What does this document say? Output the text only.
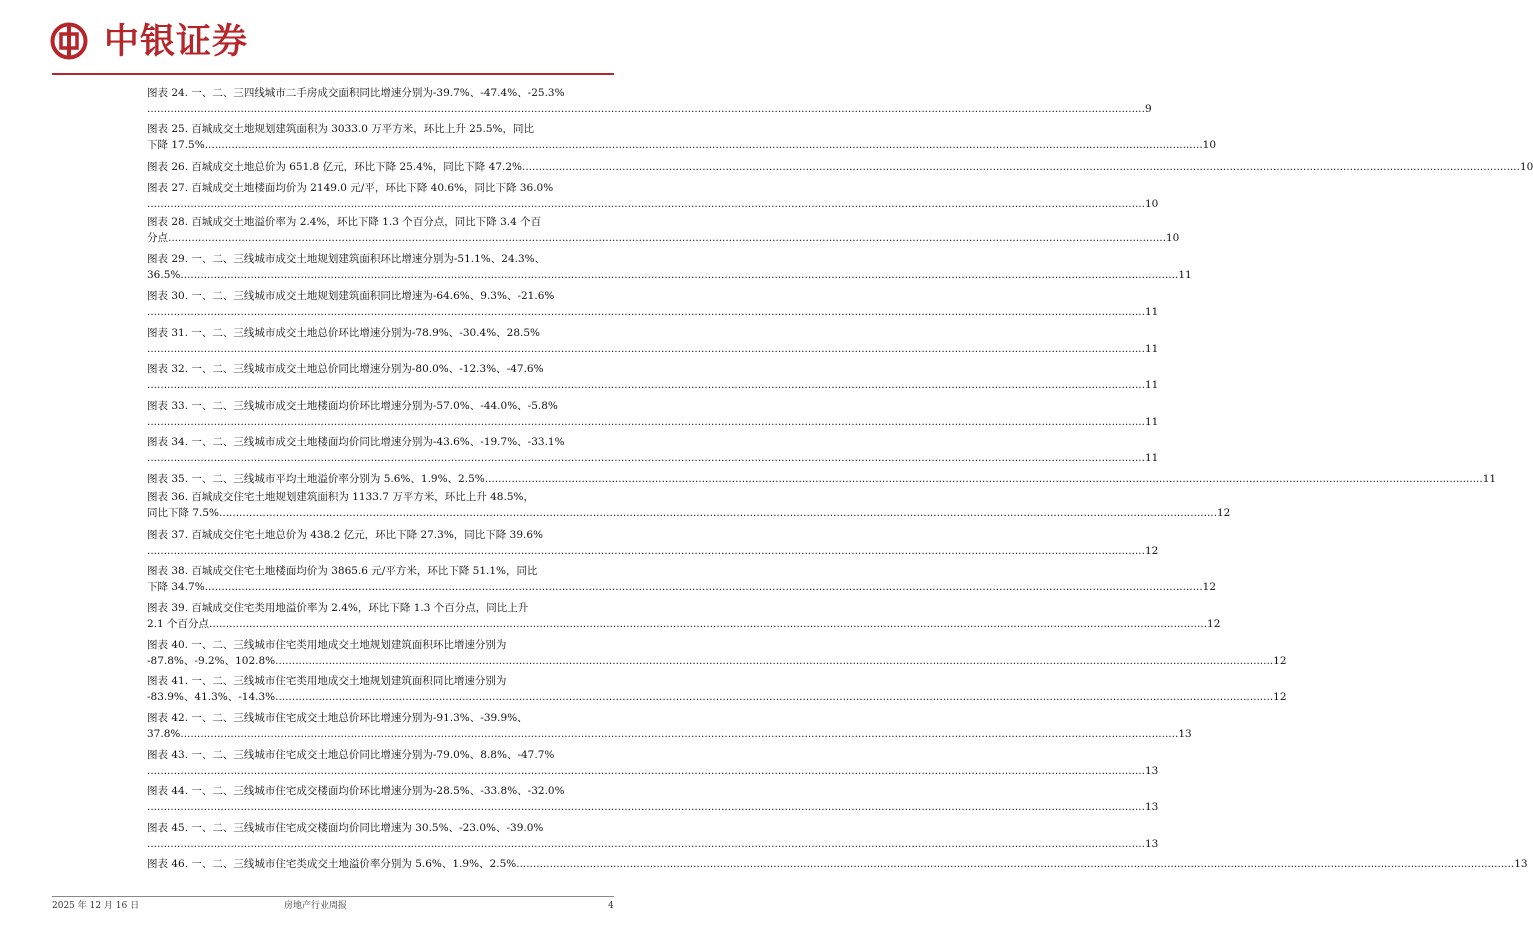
中银证券
图表 24. 一、二、三四线城市二手房成交面积同比增速分别为-39.7%、-47.4%、-25.3%
........................................................................................................................................................................................................................................................................................................... 9
图表 25. 百城成交土地规划建筑面积为 3033.0 万平方米，环比上升 25.5%，同比
下降 17.5% ........................................................................................................................................................................................................................................................................................................... 10
图表 26. 百城成交土地总价为 651.8 亿元，环比下降 25.4%，同比下降 47.2% ........................................................................................................................................................................................................................................................................................................... 10
图表 27. 百城成交土地楼面均价为 2149.0 元/平，环比下降 40.6%，同比下降 36.0%
........................................................................................................................................................................................................................................................................................................... 10
图表 28. 百城成交土地溢价率为 2.4%，环比下降 1.3 个百分点，同比下降 3.4 个百
分点 ........................................................................................................................................................................................................................................................................................................... 10
图表 29. 一、二、三线城市成交土地规划建筑面积环比增速分别为-51.1%、24.3%、
36.5% ........................................................................................................................................................................................................................................................................................................... 11
图表 30. 一、二、三线城市成交土地规划建筑面积同比增速为-64.6%、9.3%、-21.6%
........................................................................................................................................................................................................................................................................................................... 11
图表 31. 一、二、三线城市成交土地总价环比增速分别为-78.9%、-30.4%、28.5%
........................................................................................................................................................................................................................................................................................................... 11
图表 32. 一、二、三线城市成交土地总价同比增速分别为-80.0%、-12.3%、-47.6%
........................................................................................................................................................................................................................................................................................................... 11
图表 33. 一、二、三线城市成交土地楼面均价环比增速分别为-57.0%、-44.0%、-5.8%
........................................................................................................................................................................................................................................................................................................... 11
图表 34. 一、二、三线城市成交土地楼面均价同比增速分别为-43.6%、-19.7%、-33.1%
........................................................................................................................................................................................................................................................................................................... 11
图表 35. 一、二、三线城市平均土地溢价率分别为 5.6%、1.9%、2.5% ........................................................................................................................................................................................................................................................................................................... 11
图表 36. 百城成交住宅土地规划建筑面积为 1133.7 万平方米，环比上升 48.5%，
同比下降 7.5% ........................................................................................................................................................................................................................................................................................................... 12
图表 37. 百城成交住宅土地总价为 438.2 亿元，环比下降 27.3%，同比下降 39.6%
........................................................................................................................................................................................................................................................................................................... 12
图表 38. 百城成交住宅土地楼面均价为 3865.6 元/平方米，环比下降 51.1%，同比
下降 34.7% ........................................................................................................................................................................................................................................................................................................... 12
图表 39. 百城成交住宅类用地溢价率为 2.4%，环比下降 1.3 个百分点，同比上升
2.1 个百分点 ........................................................................................................................................................................................................................................................................................................... 12
图表 40. 一、二、三线城市住宅类用地成交土地规划建筑面积环比增速分别为
-87.8%、-9.2%、102.8% ........................................................................................................................................................................................................................................................................................................... 12
图表 41. 一、二、三线城市住宅类用地成交土地规划建筑面积同比增速分别为
-83.9%、41.3%、-14.3% ........................................................................................................................................................................................................................................................................................................... 12
图表 42. 一、二、三线城市住宅成交土地总价环比增速分别为-91.3%、-39.9%、
37.8% ........................................................................................................................................................................................................................................................................................................... 13
图表 43. 一、二、三线城市住宅成交土地总价同比增速分别为-79.0%、8.8%、-47.7%
........................................................................................................................................................................................................................................................................................................... 13
图表 44. 一、二、三线城市住宅成交楼面均价环比增速分别为-28.5%、-33.8%、-32.0%
........................................................................................................................................................................................................................................................................................................... 13
图表 45. 一、二、三线城市住宅成交楼面均价同比增速为 30.5%、-23.0%、-39.0%
........................................................................................................................................................................................................................................................................................................... 13
图表 46. 一、二、三线城市住宅类成交土地溢价率分别为 5.6%、1.9%、2.5% ........................................................................................................................................................................................................................................................................................................... 13
2025 年 12 月 16 日	房地产行业周报	4
